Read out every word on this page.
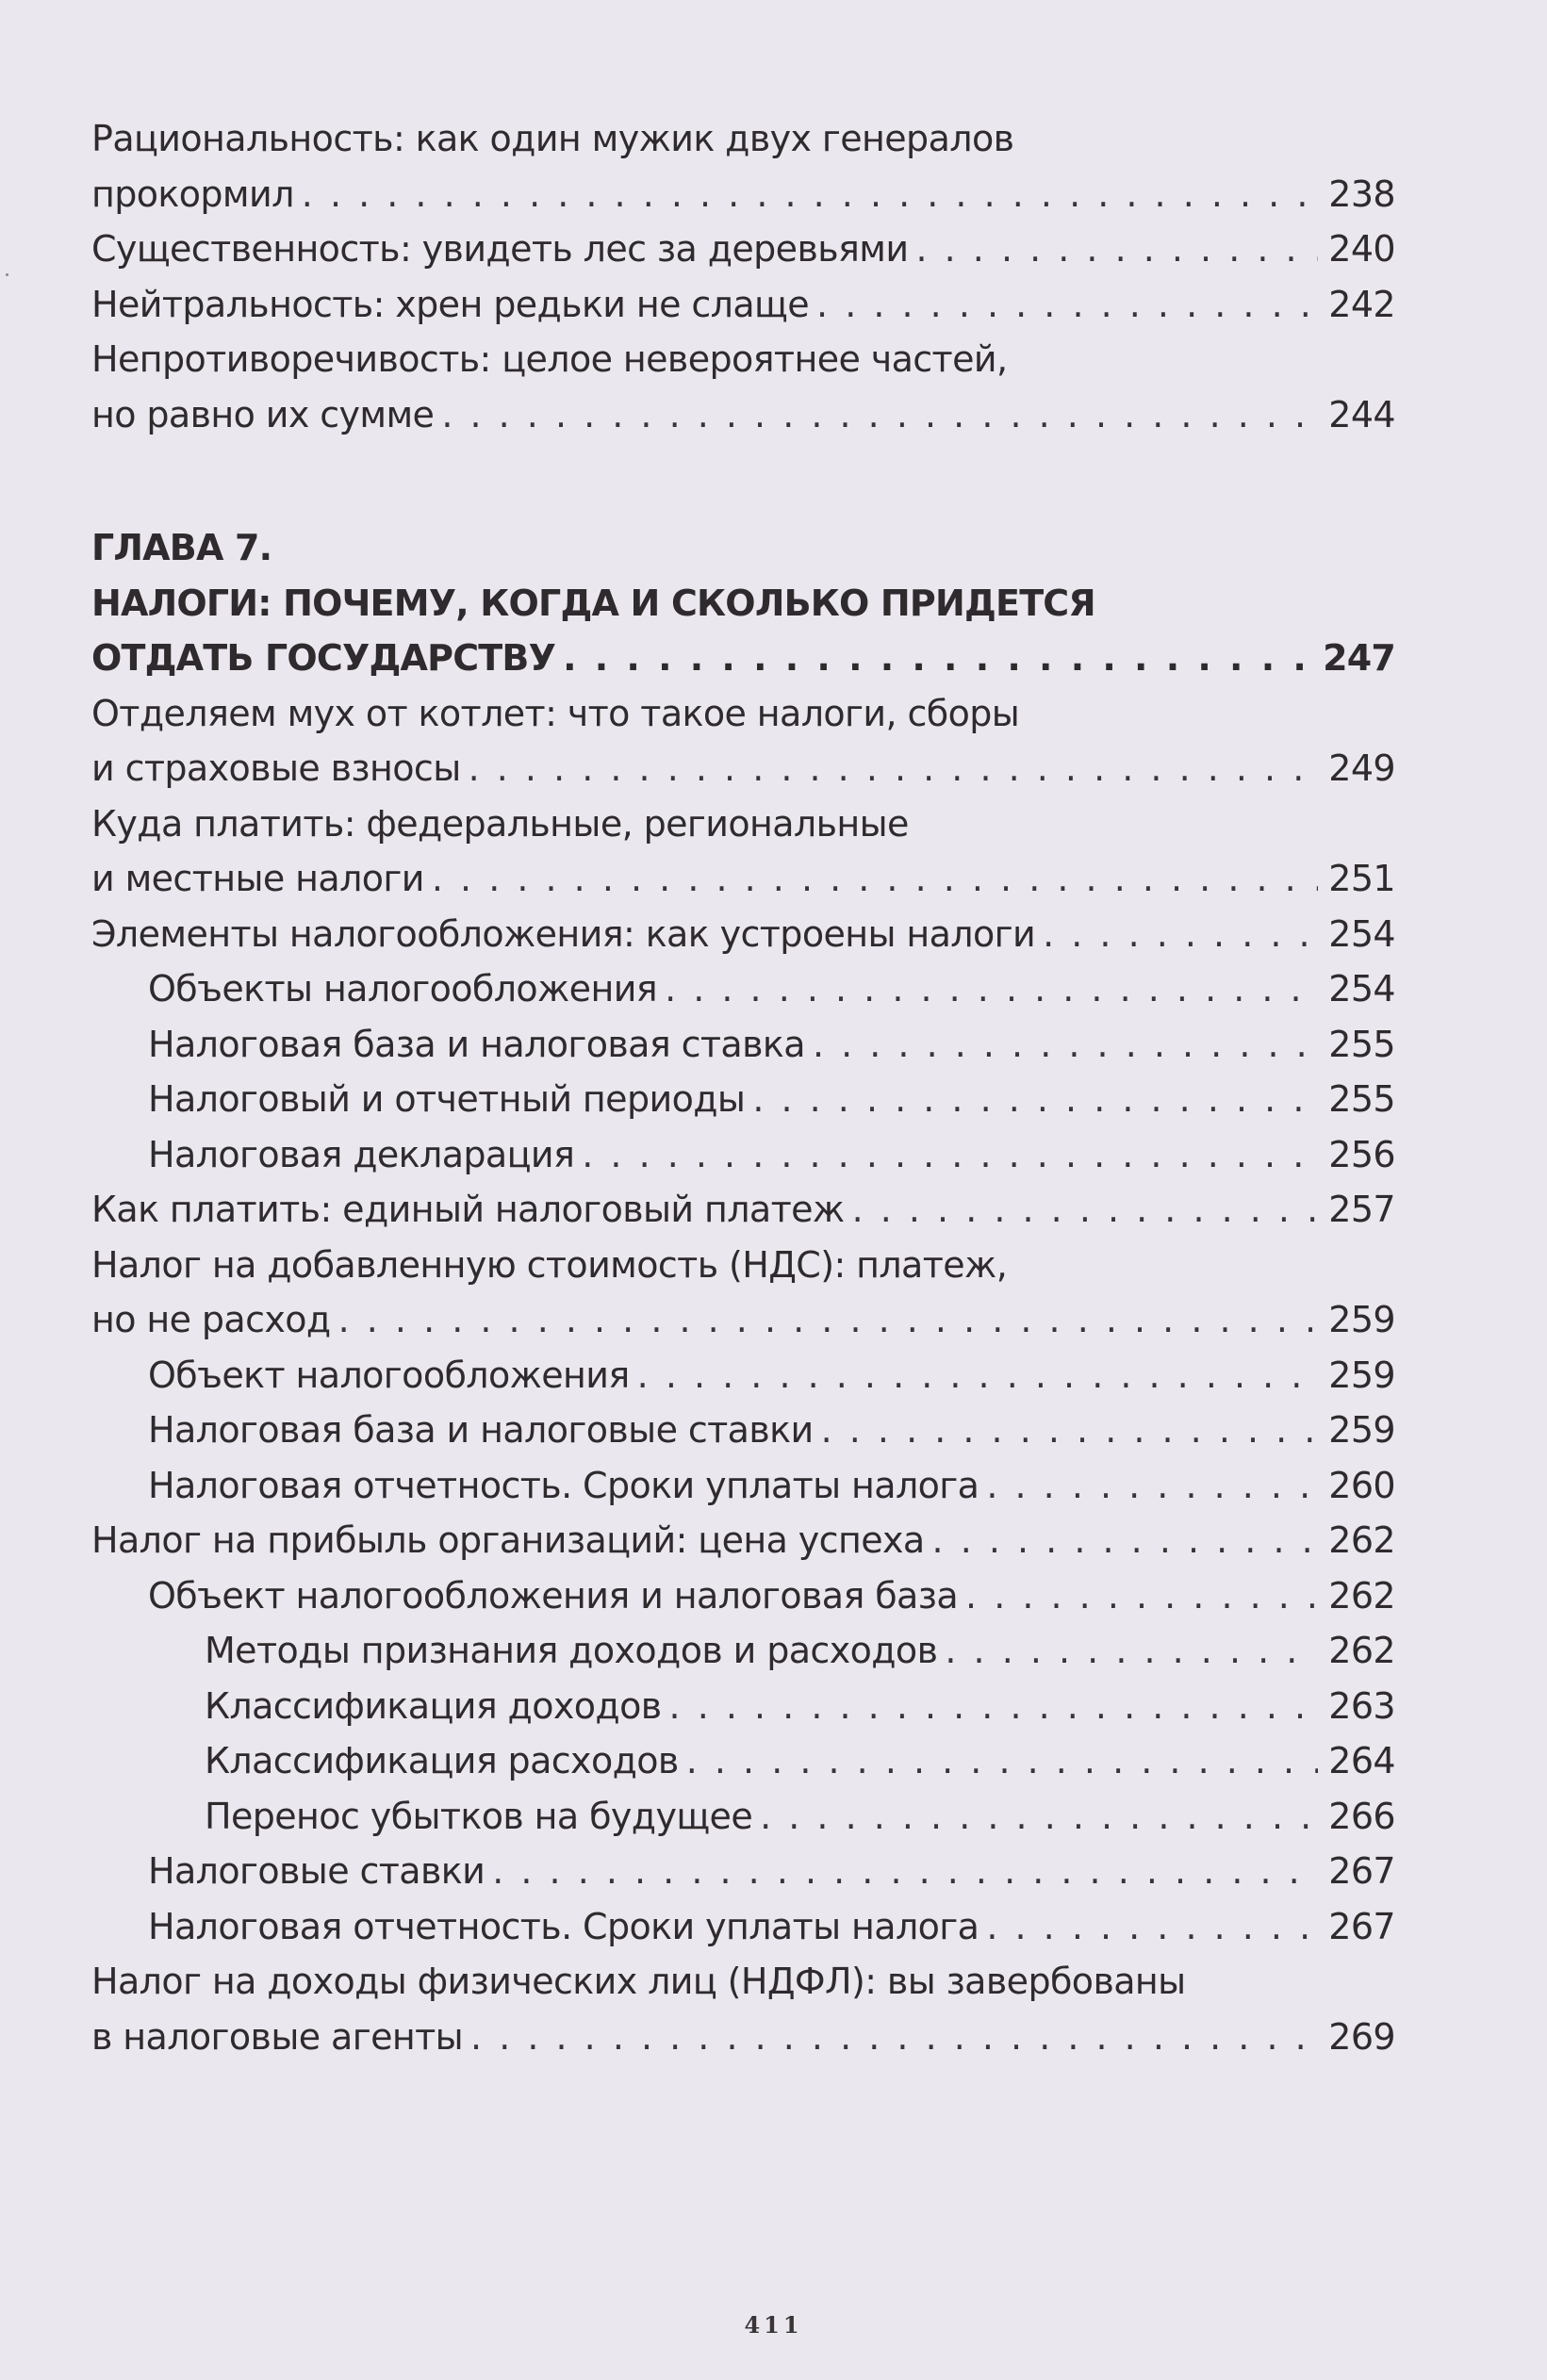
Рациональность: как один мужик двух генералов
прокормил . . .	238
Существенность: увидеть лес за деревьями . . .	240
Нейтральность: хрен редьки не слаще . . .	242
Непротиворечивость: целое невероятнее частей,
но равно их сумме . . .	244
ГЛАВА 7.
НАЛОГИ: ПОЧЕМУ, КОГДА И СКОЛЬКО ПРИДЕТСЯ
ОТДАТЬ ГОСУДАРСТВУ . . .	247
Отделяем мух от котлет: что такое налоги, сборы
и страховые взносы . . .	249
Куда платить: федеральные, региональные
и местные налоги . . .	251
Элементы налогообложения: как устроены налоги . . .	254
Объекты налогообложения . . .	254
Налоговая база и налоговая ставка . . .	255
Налоговый и отчетный периоды . . .	255
Налоговая декларация . . .	256
Как платить: единый налоговый платеж . . .	257
Налог на добавленную стоимость (НДС): платеж,
но не расход . . .	259
Объект налогообложения . . .	259
Налоговая база и налоговые ставки . . .	259
Налоговая отчетность. Сроки уплаты налога . . .	260
Налог на прибыль организаций: цена успеха . . .	262
Объект налогообложения и налоговая база . . .	262
Методы признания доходов и расходов . . .	262
Классификация доходов . . .	263
Классификация расходов . . .	264
Перенос убытков на будущее . . .	266
Налоговые ставки . . .	267
Налоговая отчетность. Сроки уплаты налога . . .	267
Налог на доходы физических лиц (НДФЛ): вы завербованы
в налоговые агенты . . .	269
411
